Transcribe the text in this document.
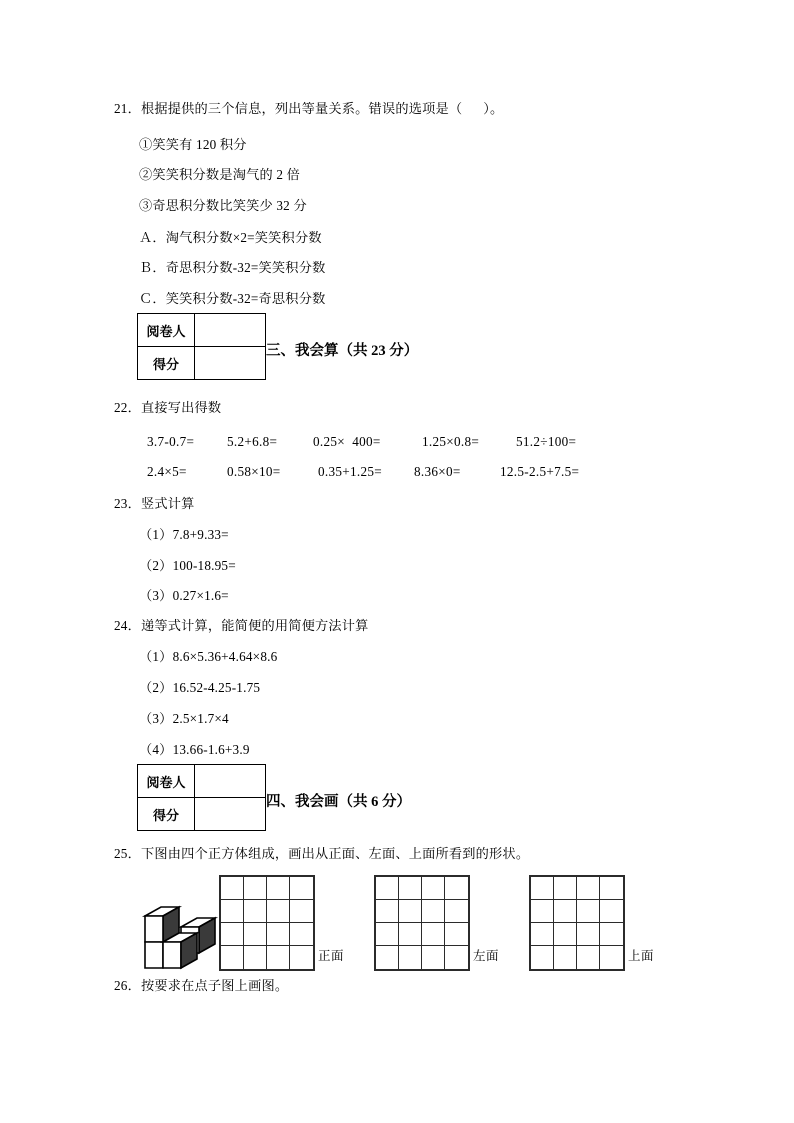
21．根据提供的三个信息，列出等量关系。错误的选项是（      ）。
①笑笑有 120 积分
②笑笑积分数是淘气的 2 倍
③奇思积分数比笑笑少 32 分
Ａ．淘气积分数×2=笑笑积分数
Ｂ．奇思积分数-32=笑笑积分数
Ｃ．笑笑积分数-32=奇思积分数
阅卷人	
得分	
三、我会算（共 23 分）
22．直接写出得数
3.7-0.7= 5.2+6.8=	0.25×  400=	1.25×0.8=	51.2÷100=
2.4×5=	0.58×10=	0.35+1.25= 8.36×0=	12.5-2.5+7.5=
23．竖式计算
（1）7.8+9.33=
（2）100-18.95=
（3）0.27×1.6=
24．递等式计算，能简便的用简便方法计算
（1）8.6×5.36+4.64×8.6
（2）16.52-4.25-1.75
（3）2.5×1.7×4
（4）13.66-1.6+3.9
阅卷人	
得分	
四、我会画（共 6 分）
25．下图由四个正方体组成，画出从正面、左面、上面所看到的形状。
正面	左面	上面
26．按要求在点子图上画图。
